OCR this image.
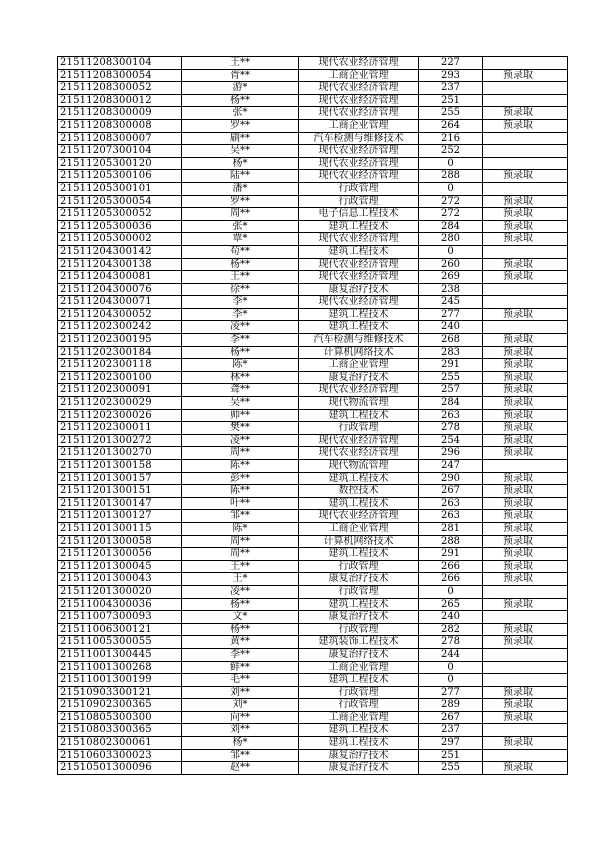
21511208300104	王**	现代农业经济管理	227	
21511208300054	胥**	工商企业管理	293	预录取
21511208300052	游*	现代农业经济管理	237	
21511208300012	杨**	现代农业经济管理	251	
21511208300009	张*	现代农业经济管理	255	预录取
21511208300008	罗**	工商企业管理	264	预录取
21511208300007	刷**	汽车检测与维修技术	216	
21511207300104	吴**	现代农业经济管理	252	
21511205300120	杨*	现代农业经济管理	0	
21511205300106	陆**	现代农业经济管理	288	预录取
21511205300101	潘*	行政管理	0	
21511205300054	罗**	行政管理	272	预录取
21511205300052	周**	电子信息工程技术	272	预录取
21511205300036	张*	建筑工程技术	284	预录取
21511205300002	覃*	现代农业经济管理	280	预录取
21511204300142	苟**	建筑工程技术	0	
21511204300138	杨**	现代农业经济管理	260	预录取
21511204300081	王**	现代农业经济管理	269	预录取
21511204300076	徐**	康复治疗技术	238	
21511204300071	李*	现代农业经济管理	245	
21511204300052	李*	建筑工程技术	277	预录取
21511202300242	凌**	建筑工程技术	240	
21511202300195	李**	汽车检测与维修技术	268	预录取
21511202300184	杨**	计算机网络技术	283	预录取
21511202300118	陈*	工商企业管理	291	预录取
21511202300100	林**	康复治疗技术	255	预录取
21511202300091	聋**	现代农业经济管理	257	预录取
21511202300029	吴**	现代物流管理	284	预录取
21511202300026	帅**	建筑工程技术	263	预录取
21511202300011	樊**	行政管理	278	预录取
21511201300272	凌**	现代农业经济管理	254	预录取
21511201300270	周**	现代农业经济管理	296	预录取
21511201300158	陈**	现代物流管理	247	
21511201300157	彭**	建筑工程技术	290	预录取
21511201300151	陈**	数控技术	267	预录取
21511201300147	叶**	建筑工程技术	263	预录取
21511201300127	邹**	现代农业经济管理	263	预录取
21511201300115	陈*	工商企业管理	281	预录取
21511201300058	周**	计算机网络技术	288	预录取
21511201300056	周**	建筑工程技术	291	预录取
21511201300045	王**	行政管理	266	预录取
21511201300043	王*	康复治疗技术	266	预录取
21511201300020	凌**	行政管理	0	
21511004300036	杨**	建筑工程技术	265	预录取
21511007300093	文*	康复治疗技术	240	
21511006300121	杨**	行政管理	282	预录取
21511005300055	黄**	建筑装饰工程技术	278	预录取
21511001300445	李**	康复治疗技术	244	
21511001300268	鲜**	工商企业管理	0	
21511001300199	毛**	建筑工程技术	0	
21510903300121	刘**	行政管理	277	预录取
21510902300365	刘*	行政管理	289	预录取
21510805300300	向**	工商企业管理	267	预录取
21510803300365	刘**	建筑工程技术	237	
21510802300061	杨*	建筑工程技术	297	预录取
21510603300023	邹**	康复治疗技术	251	
21510501300096	赵**	康复治疗技术	255	预录取
